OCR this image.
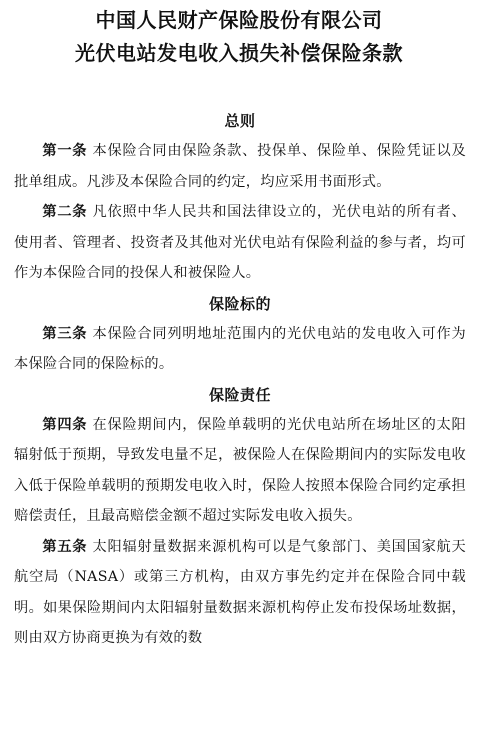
中国人民财产保险股份有限公司
光伏电站发电收入损失补偿保险条款
总则

第一条 本保险合同由保险条款、投保单、保险单、保险凭证以及批单组成。凡涉及本保险合同的约定，均应采用书面形式。

第二条 凡依照中华人民共和国法律设立的，光伏电站的所有者、使用者、管理者、投资者及其他对光伏电站有保险利益的参与者，均可作为本保险合同的投保人和被保险人。

保险标的

第三条 本保险合同列明地址范围内的光伏电站的发电收入可作为本保险合同的保险标的。

保险责任

第四条 在保险期间内，保险单载明的光伏电站所在场址区的太阳辐射低于预期，导致发电量不足，被保险人在保险期间内的实际发电收入低于保险单载明的预期发电收入时，保险人按照本保险合同约定承担赔偿责任，且最高赔偿金额不超过实际发电收入损失。

第五条 太阳辐射量数据来源机构可以是气象部门、美国国家航天航空局（NASA）或第三方机构，由双方事先约定并在保险合同中载明。如果保险期间内太阳辐射量数据来源机构停止发布投保场址数据，则由双方协商更换为有效的数
